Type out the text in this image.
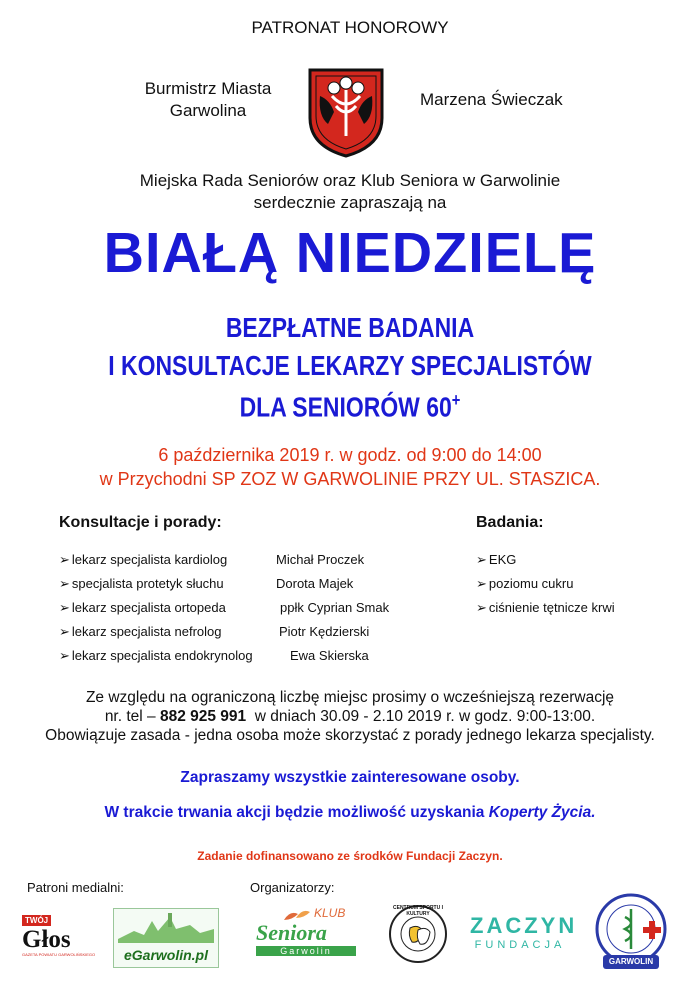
PATRONAT HONOROWY
Burmistrz Miasta
Garwolina
Marzena Świeczak
Miejska Rada Seniorów oraz Klub Seniora w Garwolinie
serdecznie zapraszają na
BIAŁĄ NIEDZIELĘ
BEZPŁATNE BADANIA
I KONSULTACJE LEKARZY SPECJALISTÓW
DLA SENIORÓW 60+
6 października 2019 r. w godz. od 9:00 do 14:00
w Przychodni SP ZOZ W GARWOLINIE PRZY UL. STASZICA.
Konsultacje i porady:
➢ lekarz specjalista kardiolog	Michał Proczek
➢ specjalista protetyk słuchu	Dorota Majek
➢ lekarz specjalista ortopeda	ppłk Cyprian Smak
➢ lekarz specjalista nefrolog	Piotr Kędzierski
➢ lekarz specjalista endokrynolog	Ewa Skierska
Badania:
➢ EKG
➢ poziomu cukru
➢ ciśnienie tętnicze krwi
Ze względu na ograniczoną liczbę miejsc prosimy o wcześniejszą rezerwację
nr. tel – 882 925 991 w dniach 30.09 - 2.10 2019 r. w godz. 9:00-13:00.
Obowiązuje zasada - jedna osoba może skorzystać z porady jednego lekarza specjalisty.
Zapraszamy wszystkie zainteresowane osoby.
W trakcie trwania akcji będzie możliwość uzyskania Koperty Życia.
Zadanie dofinansowano ze środków Fundacji Zaczyn.
Patroni medialni:	Organizatorzy:
TWÓJ
Głos
GAZETA POWIATU GARWOLIŃSKIEGO	eGarwolin.pl
KLUB
Seniora
Garwolin
CENTRUM SPORTU I KULTURY	ZACZYN
FUNDACJA
GARWOLIN
